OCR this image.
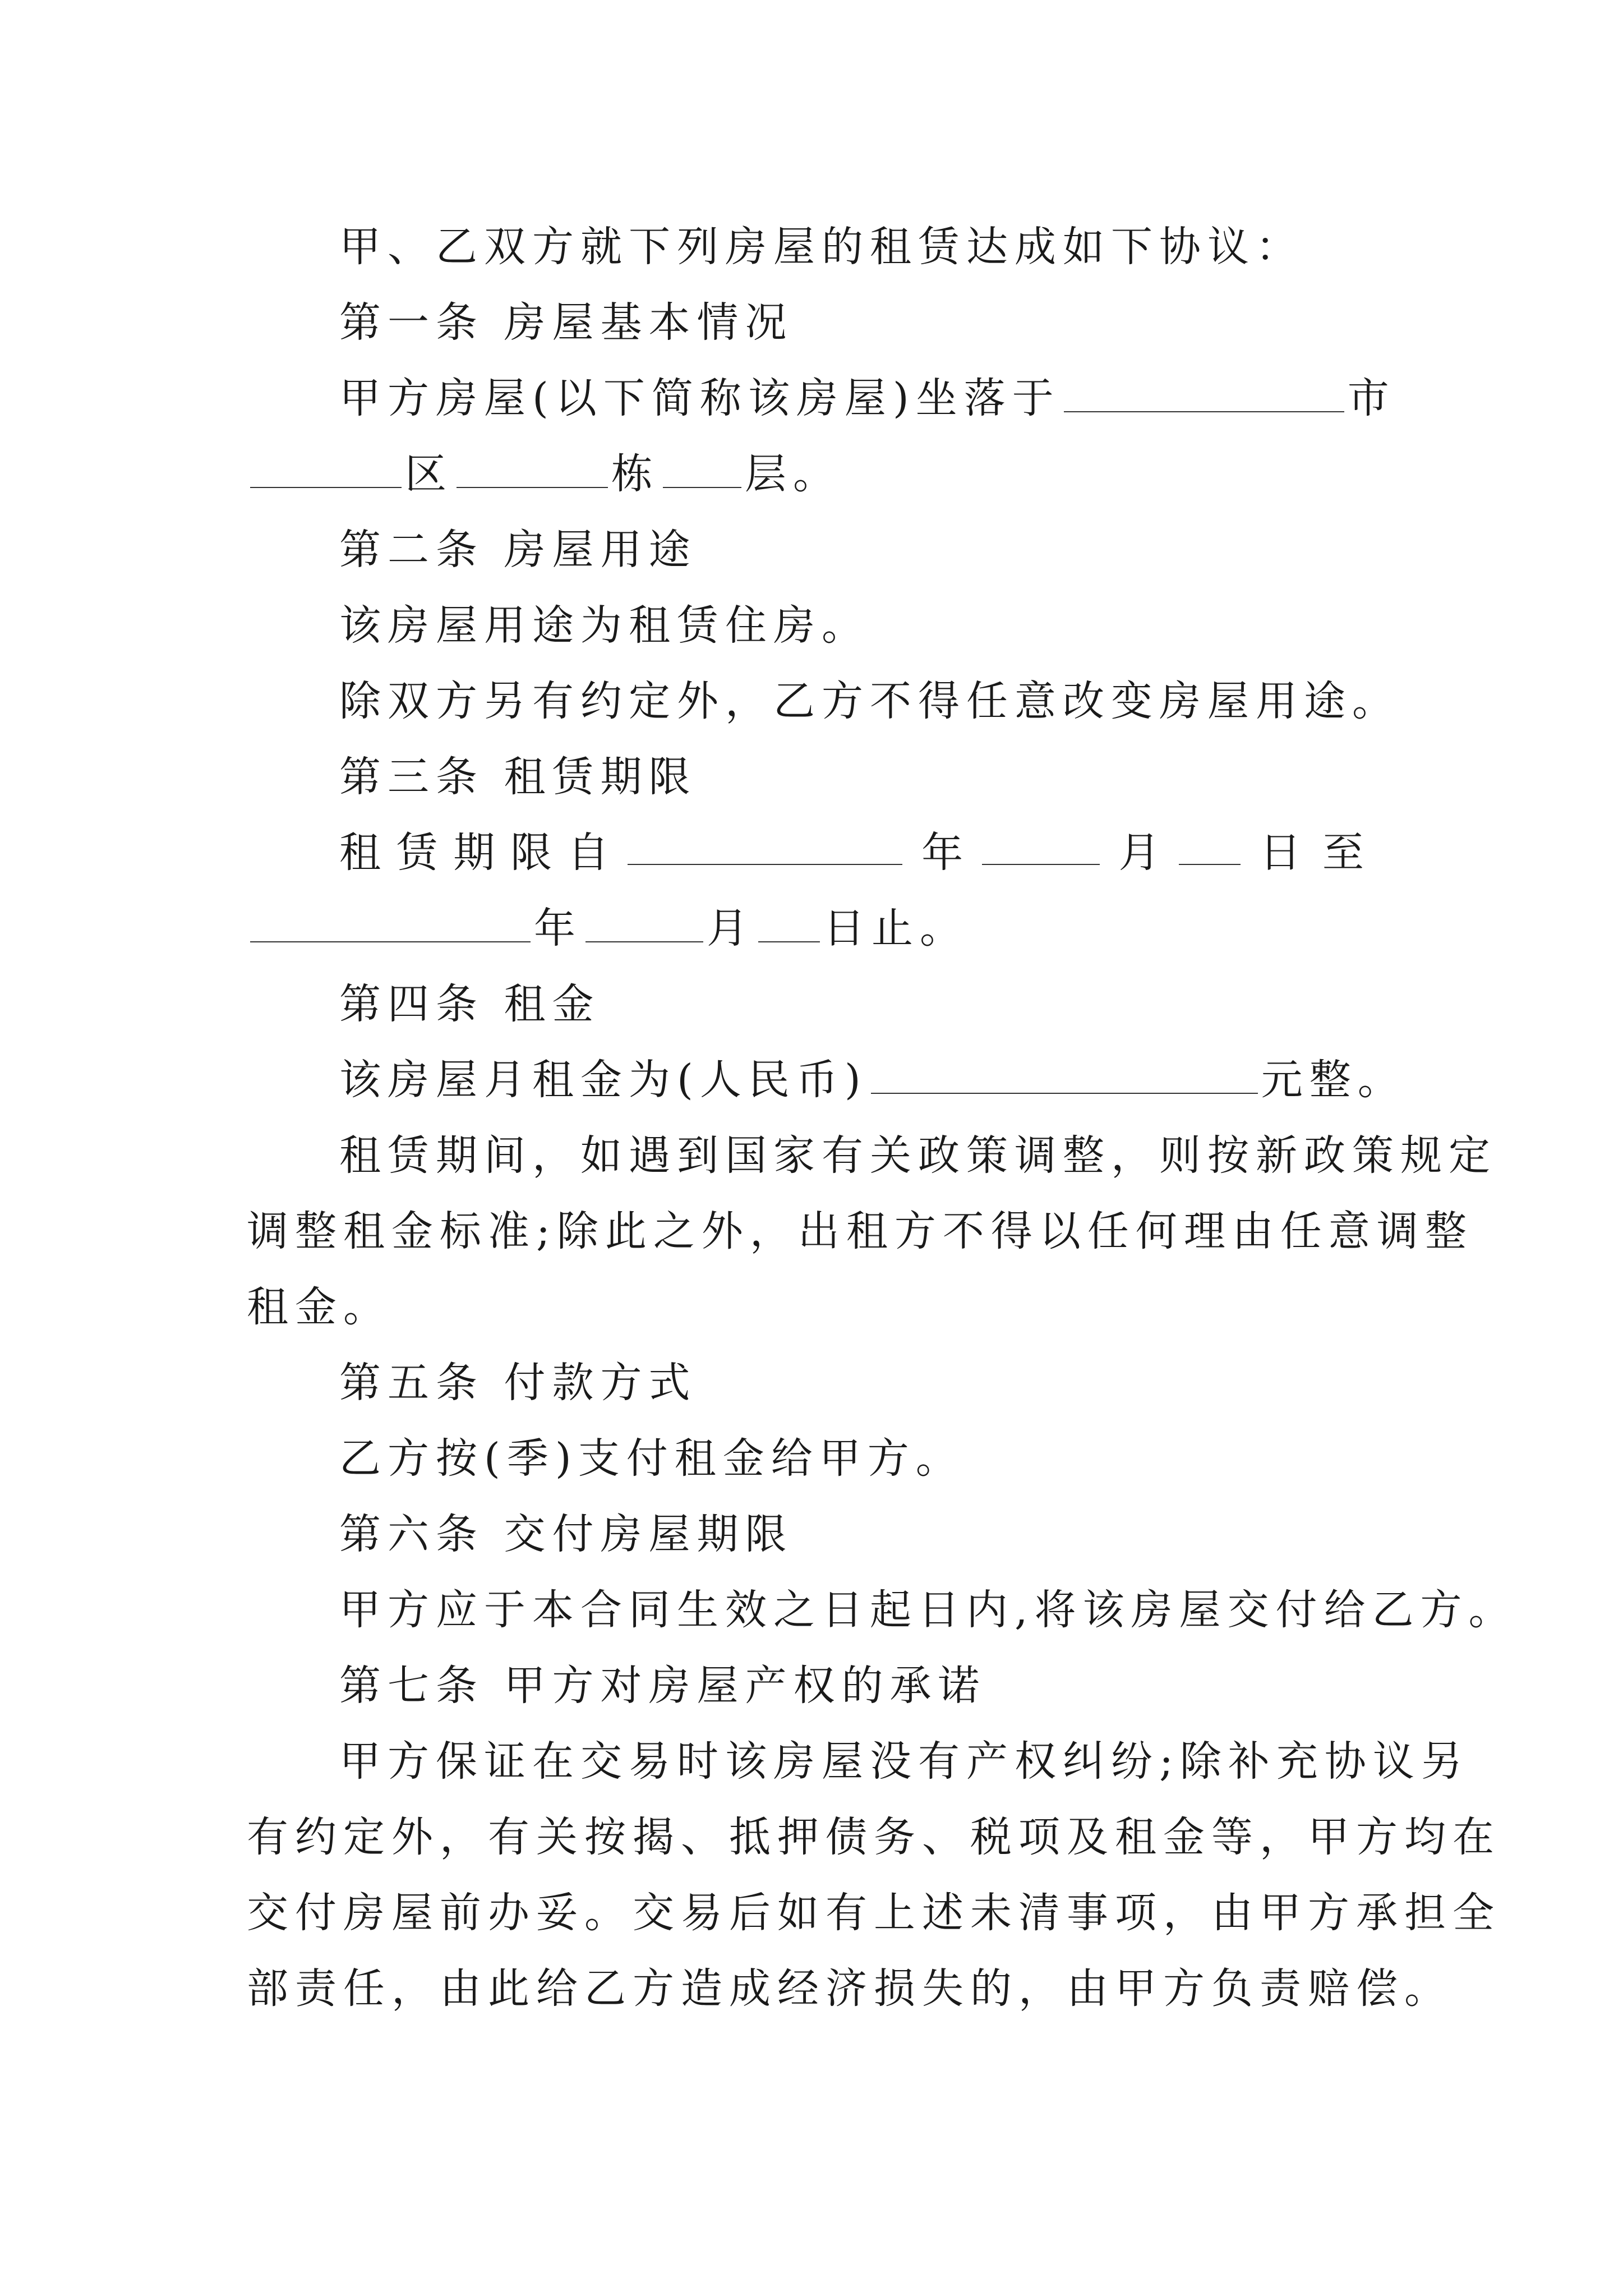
甲、乙双方就下列房屋的租赁达成如下协议：
第一条 房屋基本情况
甲方房屋(以下简称该房屋)坐落于	市
区	栋 层。
第二条 房屋用途
该房屋用途为租赁住房。
除双方另有约定外，乙方不得任意改变房屋用途。
第三条 租赁期限
租 赁 期 限 自	年	月 日至
年	月 日止。
第四条 租金
该房屋月租金为(人民币)	元整。
租赁期间，如遇到国家有关政策调整，则按新政策规定
调整租金标准;除此之外，出租方不得以任何理由任意调整
租金。
第五条 付款方式
乙方按(季)支付租金给甲方。
第六条 交付房屋期限
甲方应于本合同生效之日起日内,将该房屋交付给乙方。
第七条 甲方对房屋产权的承诺
甲方保证在交易时该房屋没有产权纠纷;除补充协议另
有约定外，有关按揭、抵押债务、税项及租金等，甲方均在
交付房屋前办妥。交易后如有上述未清事项，由甲方承担全
部责任，由此给乙方造成经济损失的，由甲方负责赔偿。
